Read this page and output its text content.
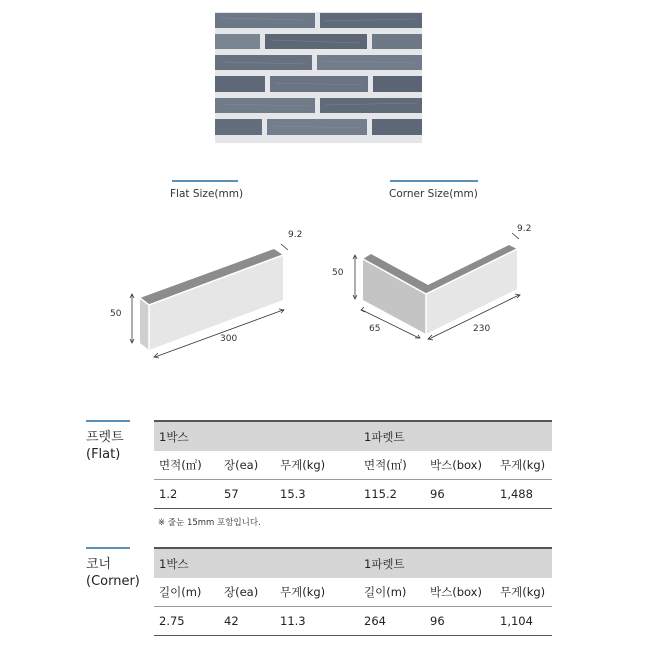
Flat Size(mm)	Corner Size(mm)
9.2
50
300
9.2
50
65	230
프렛트
(Flat)
1박스	1파렛트
면적(㎡) 장(ea) 무게(kg)	면적(㎡) 박스(box) 무게(kg)
1.2	57	15.3	115.2	96	1,488
※ 줄눈 15mm 포함입니다.
코너
(Corner)
1박스	1파렛트
길이(m) 장(ea) 무게(kg)	길이(m) 박스(box) 무게(kg)
2.75	42	11.3	264	96	1,104
